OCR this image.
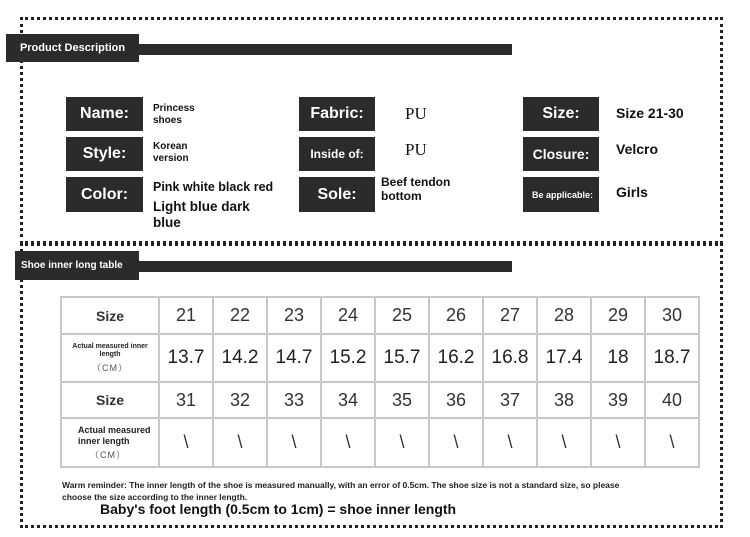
Product Description
Name:	Princess shoes
Style:	Korean version
Color:	Pink white black red
Light blue dark blue
Fabric:	PU
Inside of:	PU
Sole:
Beef tendon bottom
Size:	Size 21-30
Closure:	Velcro
Be applicable:	Girls
Shoe inner long table
Size	21	22	23	24	25	26	27	28	29	30
Actual measured inner length
（CM）	13.7	14.2	14.7	15.2	15.7	16.2	16.8	17.4	18	18.7
Size	31	32	33	34	35	36	37	38	39	40
Actual measured inner length
（CM）	\	\	\	\	\	\	\	\	\	\
Warm reminder: The inner length of the shoe is measured manually, with an error of 0.5cm. The shoe size is not a standard size, so please choose the size according to the inner length.
Baby's foot length (0.5cm to 1cm) = shoe inner length
